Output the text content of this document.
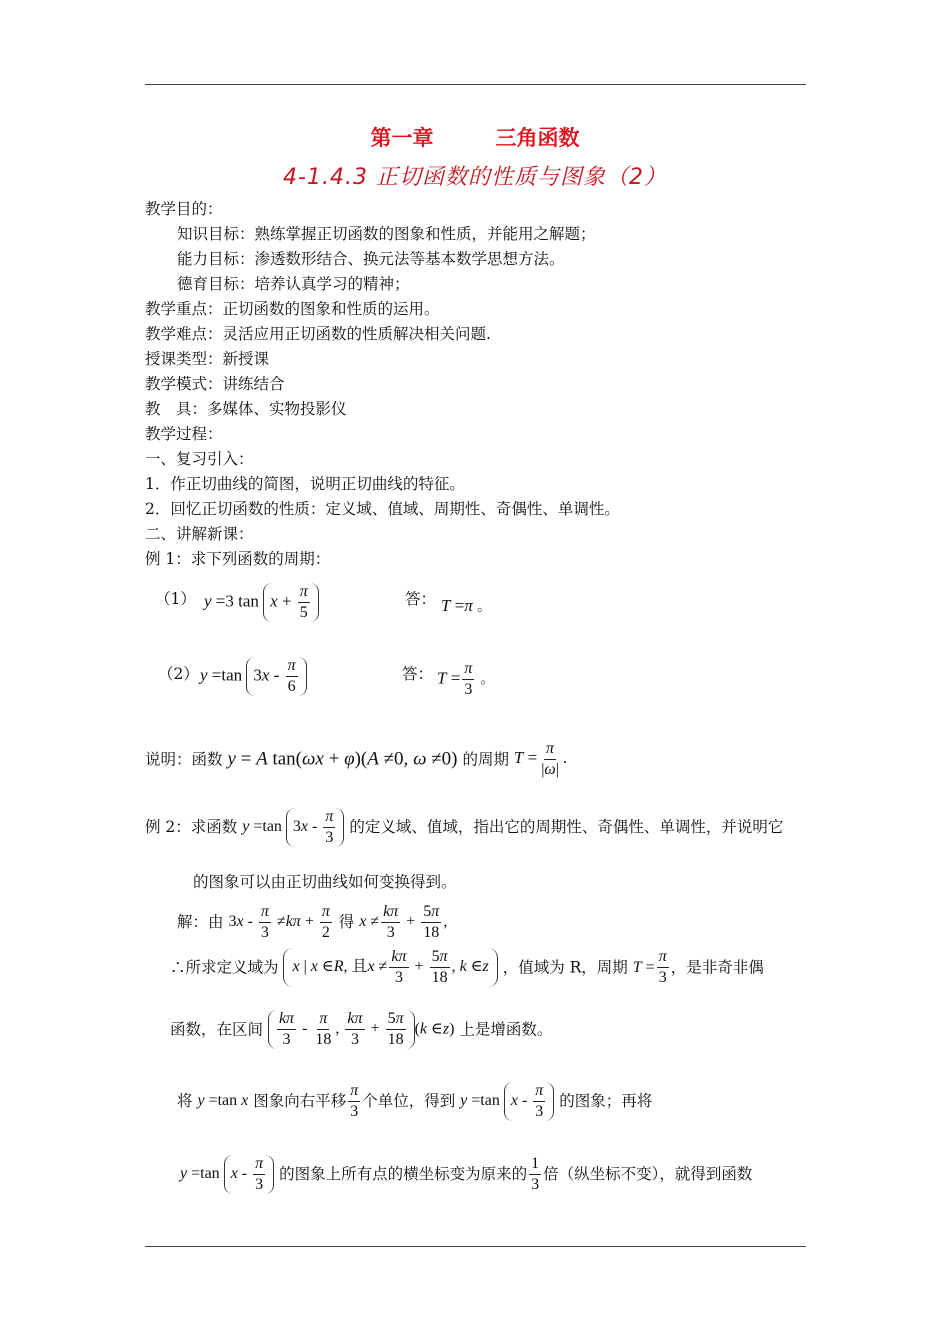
第一章	三角函数
4-1.4.3 正切函数的性质与图象（2）
教学目的：
知识目标：熟练掌握正切函数的图象和性质，并能用之解题；
能力目标：渗透数形结合、换元法等基本数学思想方法。
德育目标：培养认真学习的精神；
教学重点：正切函数的图象和性质的运用。
教学难点：灵活应用正切函数的性质解决相关问题.
授课类型：新授课
教学模式：讲练结合
教　具：多媒体、实物投影仪
教学过程：
一、复习引入：
1．作正切曲线的简图，说明正切曲线的特征。
2．回忆正切函数的性质：定义域、值域、周期性、奇偶性、单调性。
二、讲解新课：
例 1：求下列函数的周期：
（1） y =3 $\tan x + \frac{\pi}{5}$	答： T =π 。
（2） y =tan $3x - \frac{\pi}{6}$	答： $T = \frac{\pi}{3}$ 。
说明：函数 y = A tan(ωx + φ)(A ≠0, ω ≠0) 的周期 $T = \frac{\pi}{|\omega|}$ .
例 2：求函数 y =tan $3x - \frac{\pi}{3}$ 的定义域、值域，指出它的周期性、奇偶性、单调性，并说明它
的图象可以由正切曲线如何变换得到。
解：由 $3x - \frac{\pi}{3} \ne k\pi + \frac{\pi}{2}$ 得 $x \ne \frac{k\pi}{3} + \frac{5\pi}{18}$ ,
∴所求定义域为 x | x ∈R, 且$x \ne \frac{k\pi}{3} + \frac{5\pi}{18}$ , k ∈z ，值域为 R，周期 $T = \frac{\pi}{3}$ ，是非奇非偶
函数，在区间 $\frac{k\pi}{3} - \frac{\pi}{18}$ , $\frac{k\pi}{3} + \frac{5\pi}{18} (k$ ∈z) 上是增函数。
将 y =tan x 图象向右平移 $\frac{\pi}{3}$ 个单位，得到 y =tan x - $\frac{\pi}{3}$ 的图象；再将
y =tan x - $\frac{\pi}{3}$ 的图象上所有点的横坐标变为原来的 $\frac{1}{3}$ 倍（纵坐标不变），就得到函数
